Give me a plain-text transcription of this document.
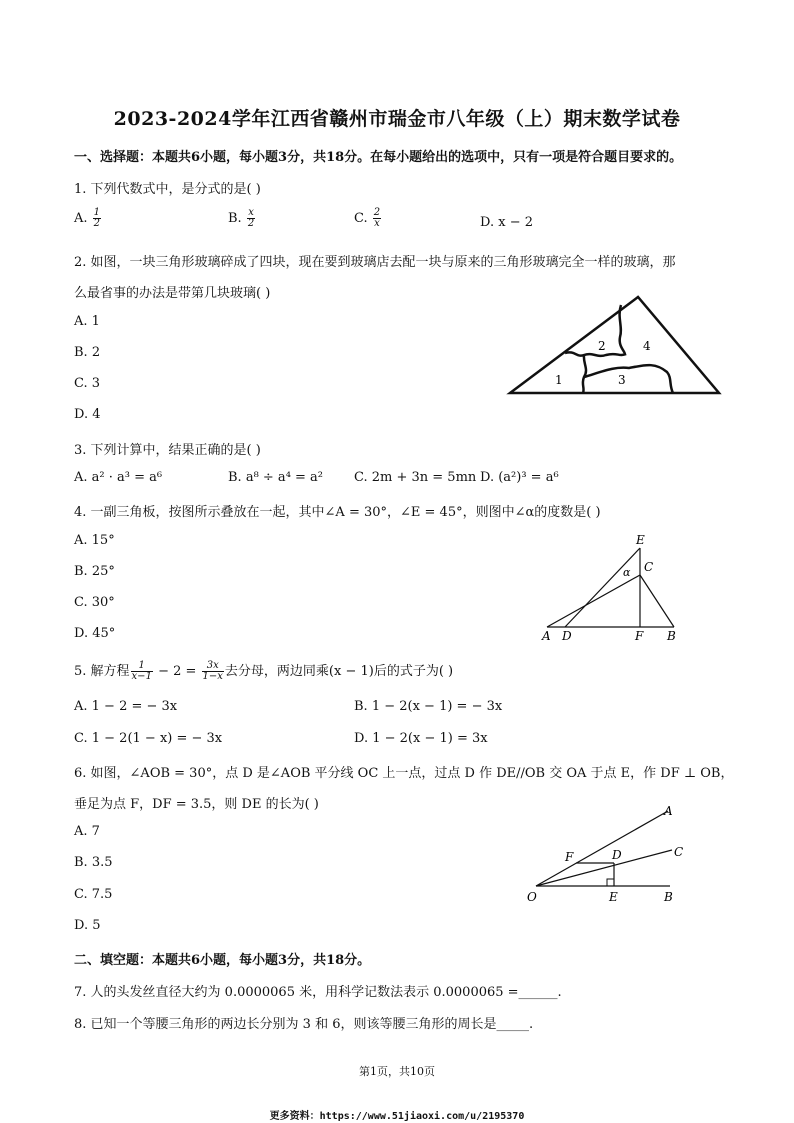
2023-2024学年江西省赣州市瑞金市八年级（上）期末数学试卷
一、选择题：本题共6小题，每小题3分，共18分。在每小题给出的选项中，只有一项是符合题目要求的。
1. 下列代数式中，是分式的是( )
A. $\frac{1}{2}$	B. $\frac{x}{2}$	C. $\frac{2}{x}$	D. x − 2
2. 如图，一块三角形玻璃碎成了四块，现在要到玻璃店去配一块与原来的三角形玻璃完全一样的玻璃，那
么最省事的办法是带第几块玻璃( )
A. 1
B. 2
C. 3
D. 4
1
2
3
4
3. 下列计算中，结果正确的是( )
A. a² · a³ = a⁶	B. a⁸ ÷ a⁴ = a² C. 2m + 3n = 5mn D. (a²)³ = a⁶
4. 一副三角板，按图所示叠放在一起，其中∠A = 30°，∠E = 45°，则图中∠α的度数是( )
A. 15°
B. 25°
C. 30°
D. 45°
E
C
α
A D	F B
5. 解方程 $\frac{1}{x-1} - 2 = \frac{3x}{1-x}$ 去分母，两边同乘(x − 1)后的式子为( )
A. 1 − 2 = − 3x	B. 1 − 2(x − 1) = − 3x
C. 1 − 2(1 − x) = − 3x	D. 1 − 2(x − 1) = 3x
6. 如图，∠AOB = 30°，点 D 是∠AOB 平分线 OC 上一点，过点 D 作 DE//OB 交 OA 于点 E，作 DF ⊥ OB，
垂足为点 F，DF = 3.5，则 DE 的长为( )
A. 7
B. 3.5
C. 7.5
D. 5
A
C
F	D
O	E	B
二、填空题：本题共6小题，每小题3分，共18分。
7. 人的头发丝直径大约为 0.0000065 米，用科学记数法表示 0.0000065 =______.
8. 已知一个等腰三角形的两边长分别为 3 和 6，则该等腰三角形的周长是_____.
第1页，共10页
更多资料：https://www.51jiaoxi.com/u/2195370
